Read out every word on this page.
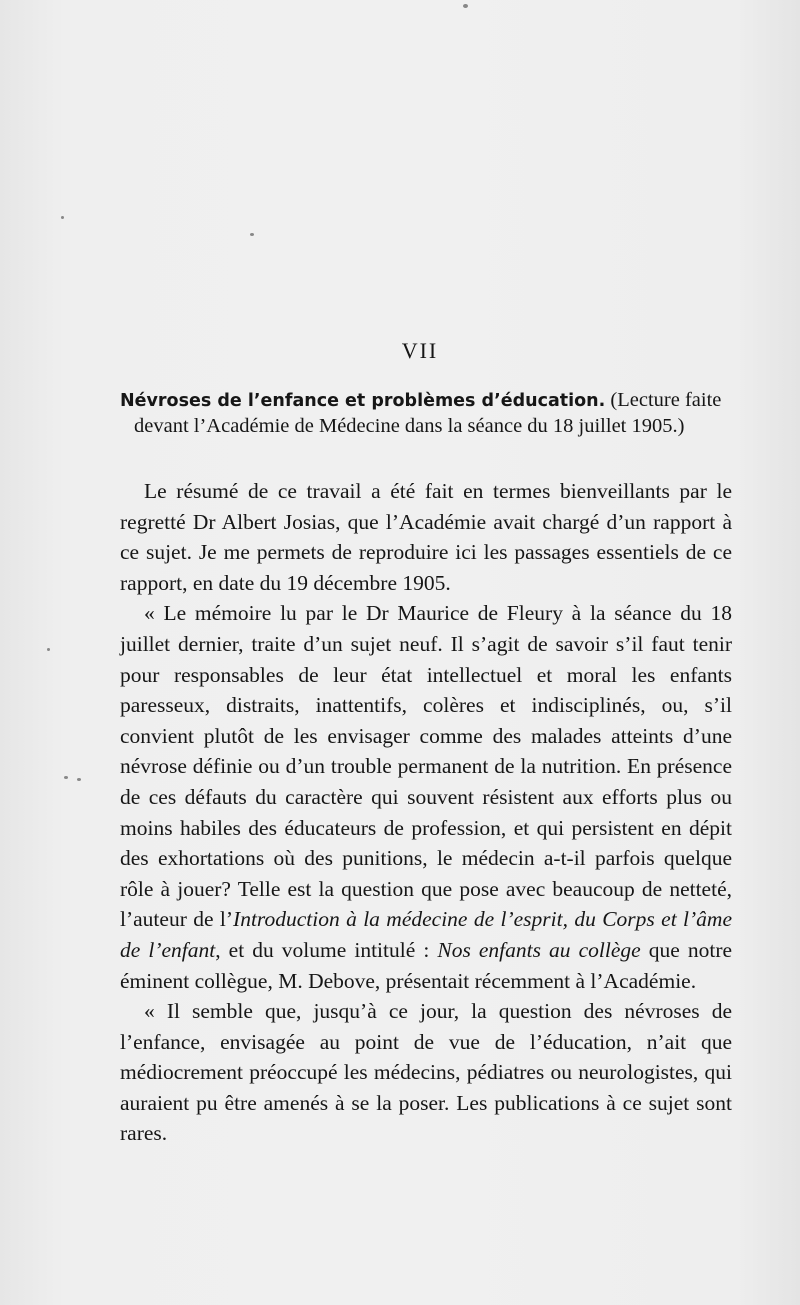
VII
Névroses de l’enfance et problèmes d’éducation. (Lecture faite
devant l’Académie de Médecine dans la séance du 18 juillet 1905.)

Le résumé de ce travail a été fait en termes bienveillants par le regretté Dr Albert Josias, que l’Académie avait chargé d’un rapport à ce sujet. Je me permets de reproduire ici les passages essentiels de ce rapport, en date du 19 décembre 1905.

« Le mémoire lu par le Dr Maurice de Fleury à la séance du 18 juillet dernier, traite d’un sujet neuf. Il s’agit de savoir s’il faut tenir pour responsables de leur état intellectuel et moral les enfants paresseux, distraits, inattentifs, colères et indisciplinés, ou, s’il convient plutôt de les envisager comme des malades atteints d’une névrose définie ou d’un trouble permanent de la nutrition. En présence de ces défauts du caractère qui souvent résistent aux efforts plus ou moins habiles des éducateurs de profession, et qui persistent en dépit des exhortations où des punitions, le médecin a-t-il parfois quelque rôle à jouer? Telle est la question que pose avec beaucoup de netteté, l’auteur de l’Introduction à la médecine de l’esprit, du Corps et l’âme de l’enfant, et du volume intitulé : Nos enfants au collège que notre éminent collègue, M. Debove, présentait récemment à l’Académie.

« Il semble que, jusqu’à ce jour, la question des névroses de l’enfance, envisagée au point de vue de l’éducation, n’ait que médiocrement préoccupé les médecins, pédiatres ou neurologistes, qui auraient pu être amenés à se la poser. Les publications à ce sujet sont rares.
